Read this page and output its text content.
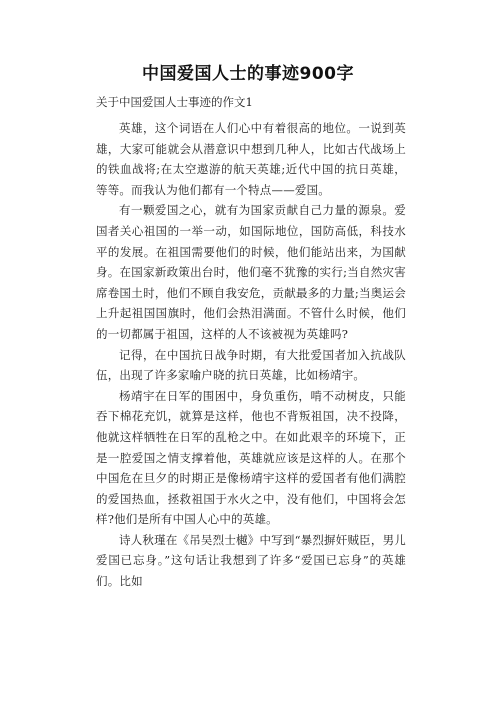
中国爱国人士的事迹900字
关于中国爱国人士事迹的作文1

英雄，这个词语在人们心中有着很高的地位。一说到英雄，大家可能就会从潜意识中想到几种人，比如古代战场上的铁血战将;在太空遨游的航天英雄;近代中国的抗日英雄，等等。而我认为他们都有一个特点——爱国。

有一颗爱国之心，就有为国家贡献自己力量的源泉。爱国者关心祖国的一举一动，如国际地位，国防高低，科技水平的发展。在祖国需要他们的时候，他们能站出来，为国献身。在国家新政策出台时，他们毫不犹豫的实行;当自然灾害席卷国土时，他们不顾自我安危，贡献最多的力量;当奥运会上升起祖国国旗时，他们会热泪满面。不管什么时候，他们的一切都属于祖国，这样的人不该被视为英雄吗?

记得，在中国抗日战争时期，有大批爱国者加入抗战队伍，出现了许多家喻户晓的抗日英雄，比如杨靖宇。

杨靖宇在日军的围困中，身负重伤，啃不动树皮，只能吞下棉花充饥，就算是这样，他也不背叛祖国，决不投降，他就这样牺牲在日军的乱枪之中。在如此艰辛的环境下，正是一腔爱国之情支撑着他，英雄就应该是这样的人。在那个中国危在旦夕的时期正是像杨靖宇这样的爱国者有他们满腔的爱国热血，拯救祖国于水火之中，没有他们，中国将会怎样?他们是所有中国人心中的英雄。

诗人秋瑾在《吊吴烈士樾》中写到“暴烈摒奸贼臣，男儿爱国已忘身。”这句话让我想到了许多“爱国已忘身”的英雄们。比如
